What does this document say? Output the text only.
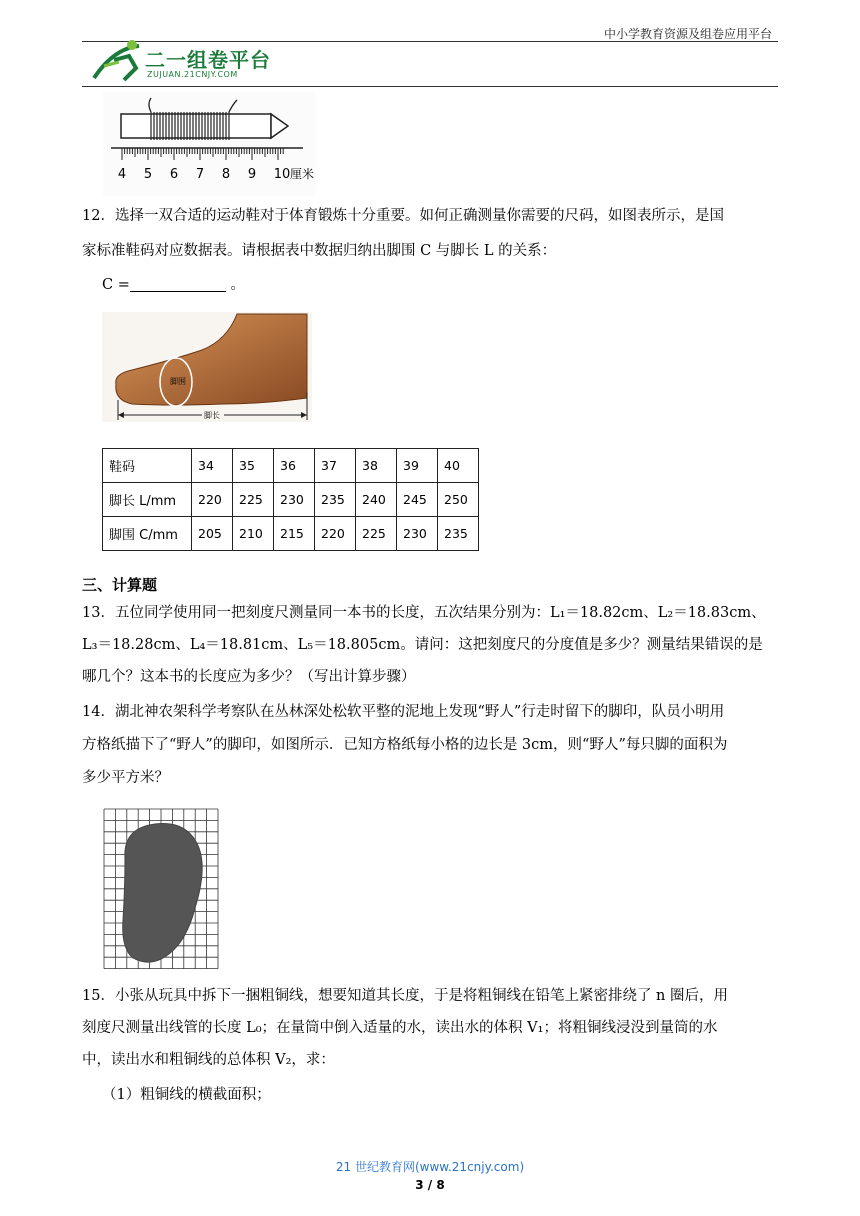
中小学教育资源及组卷应用平台
二一组卷平台
ZUJUAN.21CNJY.COM
4 5 6 7 8 9 10 厘米
12．选择一双合适的运动鞋对于体育锻炼十分重要。如何正确测量你需要的尺码，如图表所示，是国
家标准鞋码对应数据表。请根据表中数据归纳出脚围 C 与脚长 L 的关系：
C =	。
脚围
脚长
鞋码	34	35	36	37	38	39	40
脚长 L/mm	220	225	230	235	240	245	250
脚围 C/mm	205	210	215	220	225	230	235
三、计算题
13．五位同学使用同一把刻度尺测量同一本书的长度，五次结果分别为：L₁＝18.82cm、L₂＝18.83cm、
L₃＝18.28cm、L₄＝18.81cm、L₅＝18.805cm。请问：这把刻度尺的分度值是多少？测量结果错误的是
哪几个？这本书的长度应为多少？（写出计算步骤）
14．湖北神农架科学考察队在丛林深处松软平整的泥地上发现“野人”行走时留下的脚印，队员小明用
方格纸描下了“野人”的脚印，如图所示．已知方格纸每小格的边长是 3cm，则“野人”每只脚的面积为
多少平方米？
15．小张从玩具中拆下一捆粗铜线，想要知道其长度，于是将粗铜线在铅笔上紧密排绕了 n 圈后，用
刻度尺测量出线管的长度 L₀；在量筒中倒入适量的水，读出水的体积 V₁；将粗铜线浸没到量筒的水
中，读出水和粗铜线的总体积 V₂，求：
（1）粗铜线的横截面积；
21 世纪教育网(www.21cnjy.com)
3 / 8
